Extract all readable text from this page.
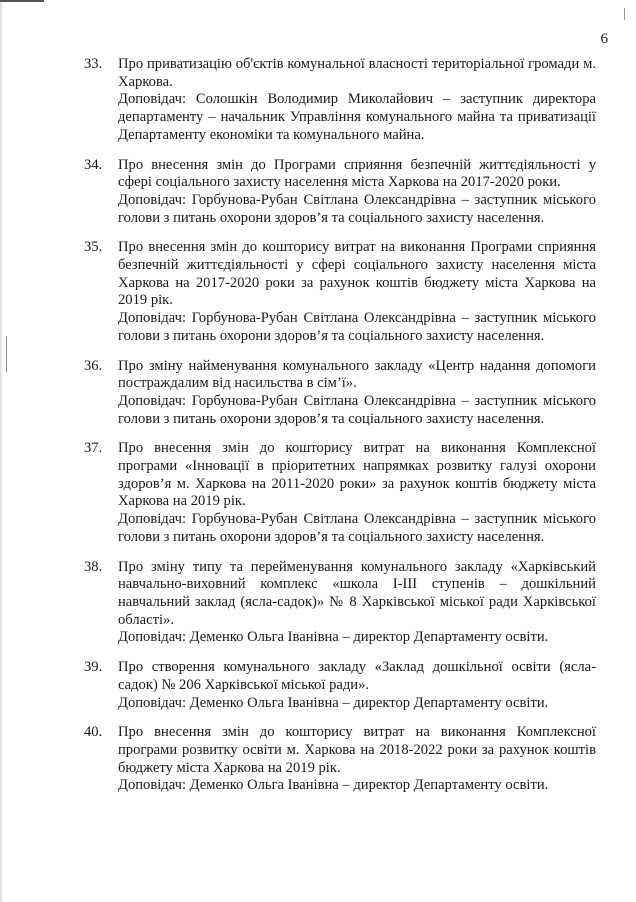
6
33. Про приватизацію об'єктів комунальної власності територіальної громади м. Харкова.

Доповідач: Солошкін Володимир Миколайович – заступник директора департаменту – начальник Управління комунального майна та приватизації Департаменту економіки та комунального майна.

34. Про внесення змін до Програми сприяння безпечній життєдіяльності у сфері соціального захисту населення міста Харкова на 2017-2020 роки.

Доповідач: Горбунова-Рубан Світлана Олександрівна – заступник міського голови з питань охорони здоров’я та соціального захисту населення.

35. Про внесення змін до кошторису витрат на виконання Програми сприяння безпечній життєдіяльності у сфері соціального захисту населення міста Харкова на 2017-2020 роки за рахунок коштів бюджету міста Харкова на 2019 рік.

Доповідач: Горбунова-Рубан Світлана Олександрівна – заступник міського голови з питань охорони здоров’я та соціального захисту населення.

36. Про зміну найменування комунального закладу «Центр надання допомоги постраждалим від насильства в сім’ї».

Доповідач: Горбунова-Рубан Світлана Олександрівна – заступник міського голови з питань охорони здоров’я та соціального захисту населення.

37. Про внесення змін до кошторису витрат на виконання Комплексної програми «Інновації в пріоритетних напрямках розвитку галузі охорони здоров’я м. Харкова на 2011-2020 роки» за рахунок коштів бюджету міста Харкова на 2019 рік.

Доповідач: Горбунова-Рубан Світлана Олександрівна – заступник міського голови з питань охорони здоров’я та соціального захисту населення.

38. Про зміну типу та перейменування комунального закладу «Харківський навчально-виховний комплекс «школа І-ІІІ ступенів – дошкільний навчальний заклад (ясла-садок)» № 8 Харківської міської ради Харківської області».

Доповідач: Деменко Ольга Іванівна – директор Департаменту освіти.

39. Про створення комунального закладу «Заклад дошкільної освіти (ясла-садок) № 206 Харківської міської ради».

Доповідач: Деменко Ольга Іванівна – директор Департаменту освіти.

40. Про внесення змін до кошторису витрат на виконання Комплексної програми розвитку освіти м. Харкова на 2018-2022 роки за рахунок коштів бюджету міста Харкова на 2019 рік.

Доповідач: Деменко Ольга Іванівна – директор Департаменту освіти.
